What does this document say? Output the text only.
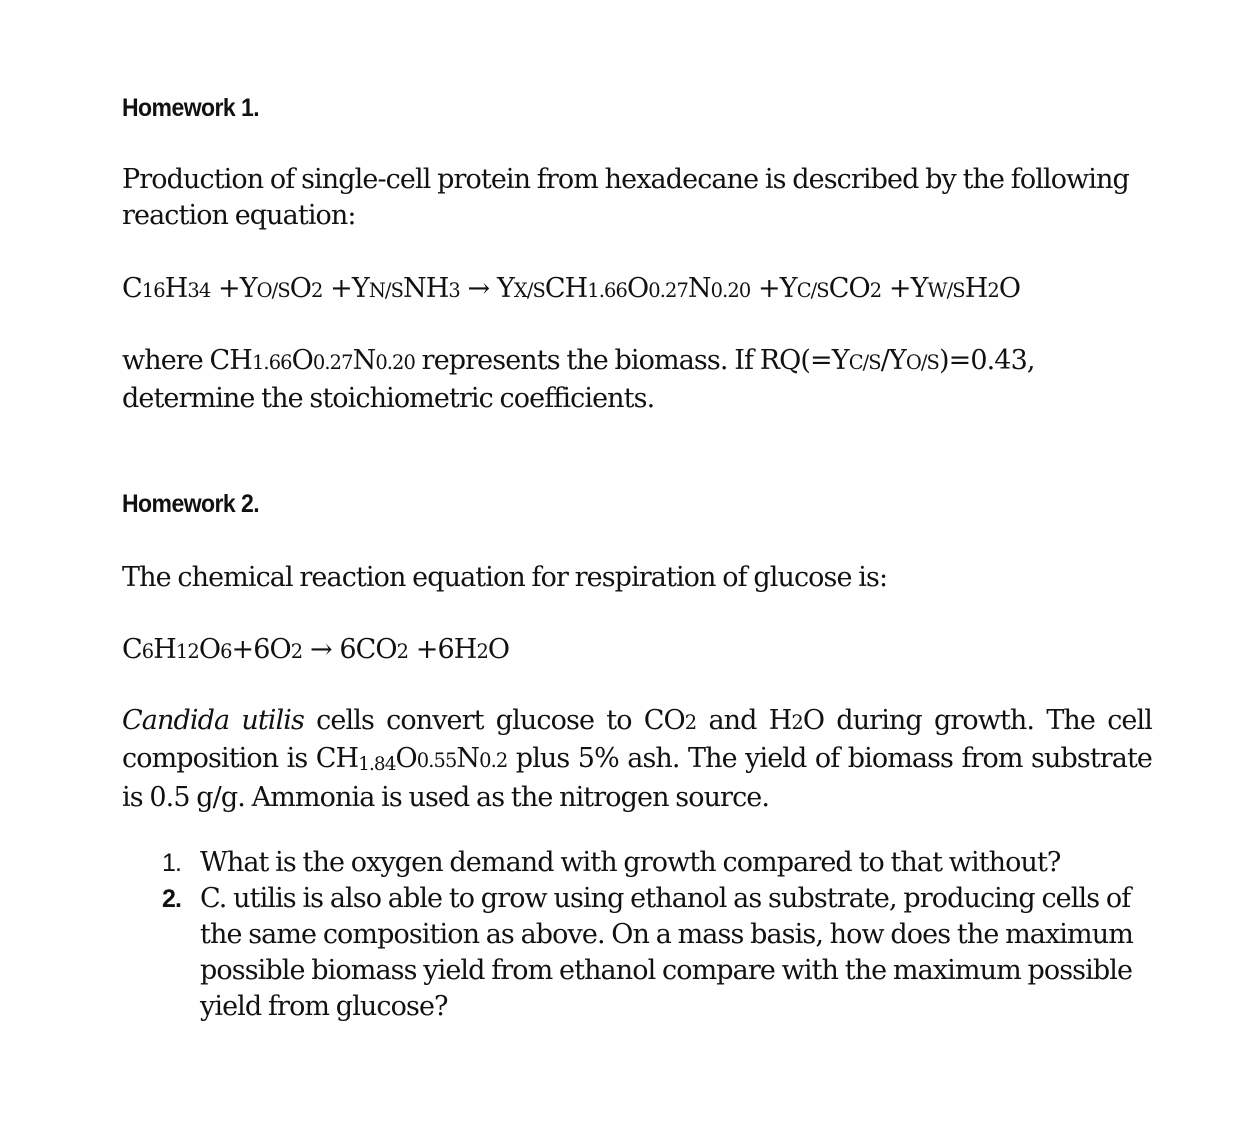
Homework 1.

Production of single-cell protein from hexadecane is described by the following reaction equation:

C16H34 +YO/SO2 +YN/SNH3 → YX/SCH1.66O0.27N0.20 +YC/SCO2 +YW/SH2O

where CH1.66O0.27N0.20 represents the biomass. If RQ(=YC/S/YO/S)=0.43, determine the stoichiometric coefficients.

Homework 2.

The chemical reaction equation for respiration of glucose is:

C6H12O6+6O2 → 6CO2 +6H2O

Candida utilis cells convert glucose to CO2 and H2O during growth. The cell composition is CH1.84O0.55N0.2 plus 5% ash. The yield of biomass from substrate is 0.5 g/g. Ammonia is used as the nitrogen source.

1. What is the oxygen demand with growth compared to that without?
2. C. utilis is also able to grow using ethanol as substrate, producing cells of the same composition as above. On a mass basis, how does the maximum possible biomass yield from ethanol compare with the maximum possible yield from glucose?
